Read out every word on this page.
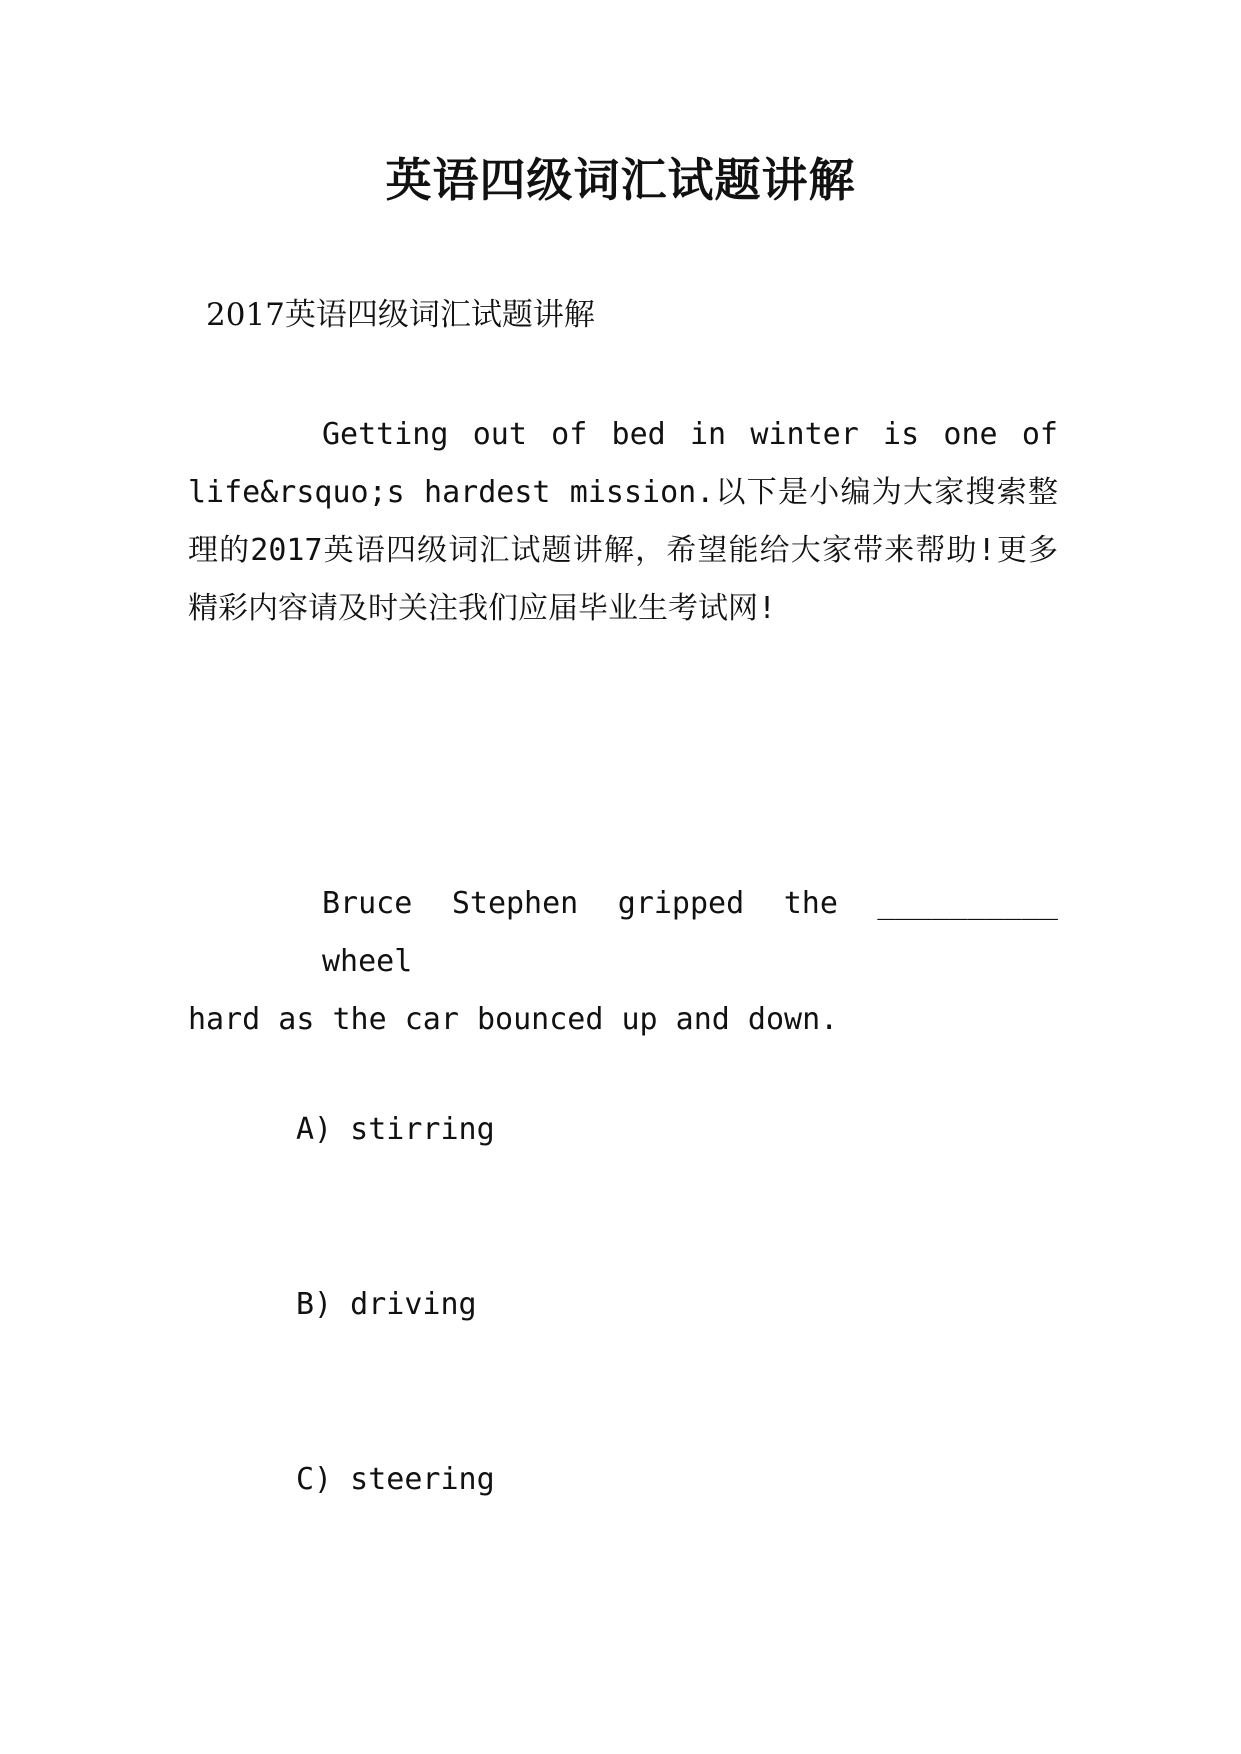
英语四级词汇试题讲解
2017英语四级词汇试题讲解
Getting out of bed in winter is one of
life&rsquo;s hardest mission.以下是小编为大家搜索整理的2017英语四级词汇试题讲解，希望能给大家带来帮助!更多精彩内容请及时关注我们应届毕业生考试网!
Bruce Stephen gripped the __________ wheel
hard as the car bounced up and down.
A) stirring
B) driving
C) steering
